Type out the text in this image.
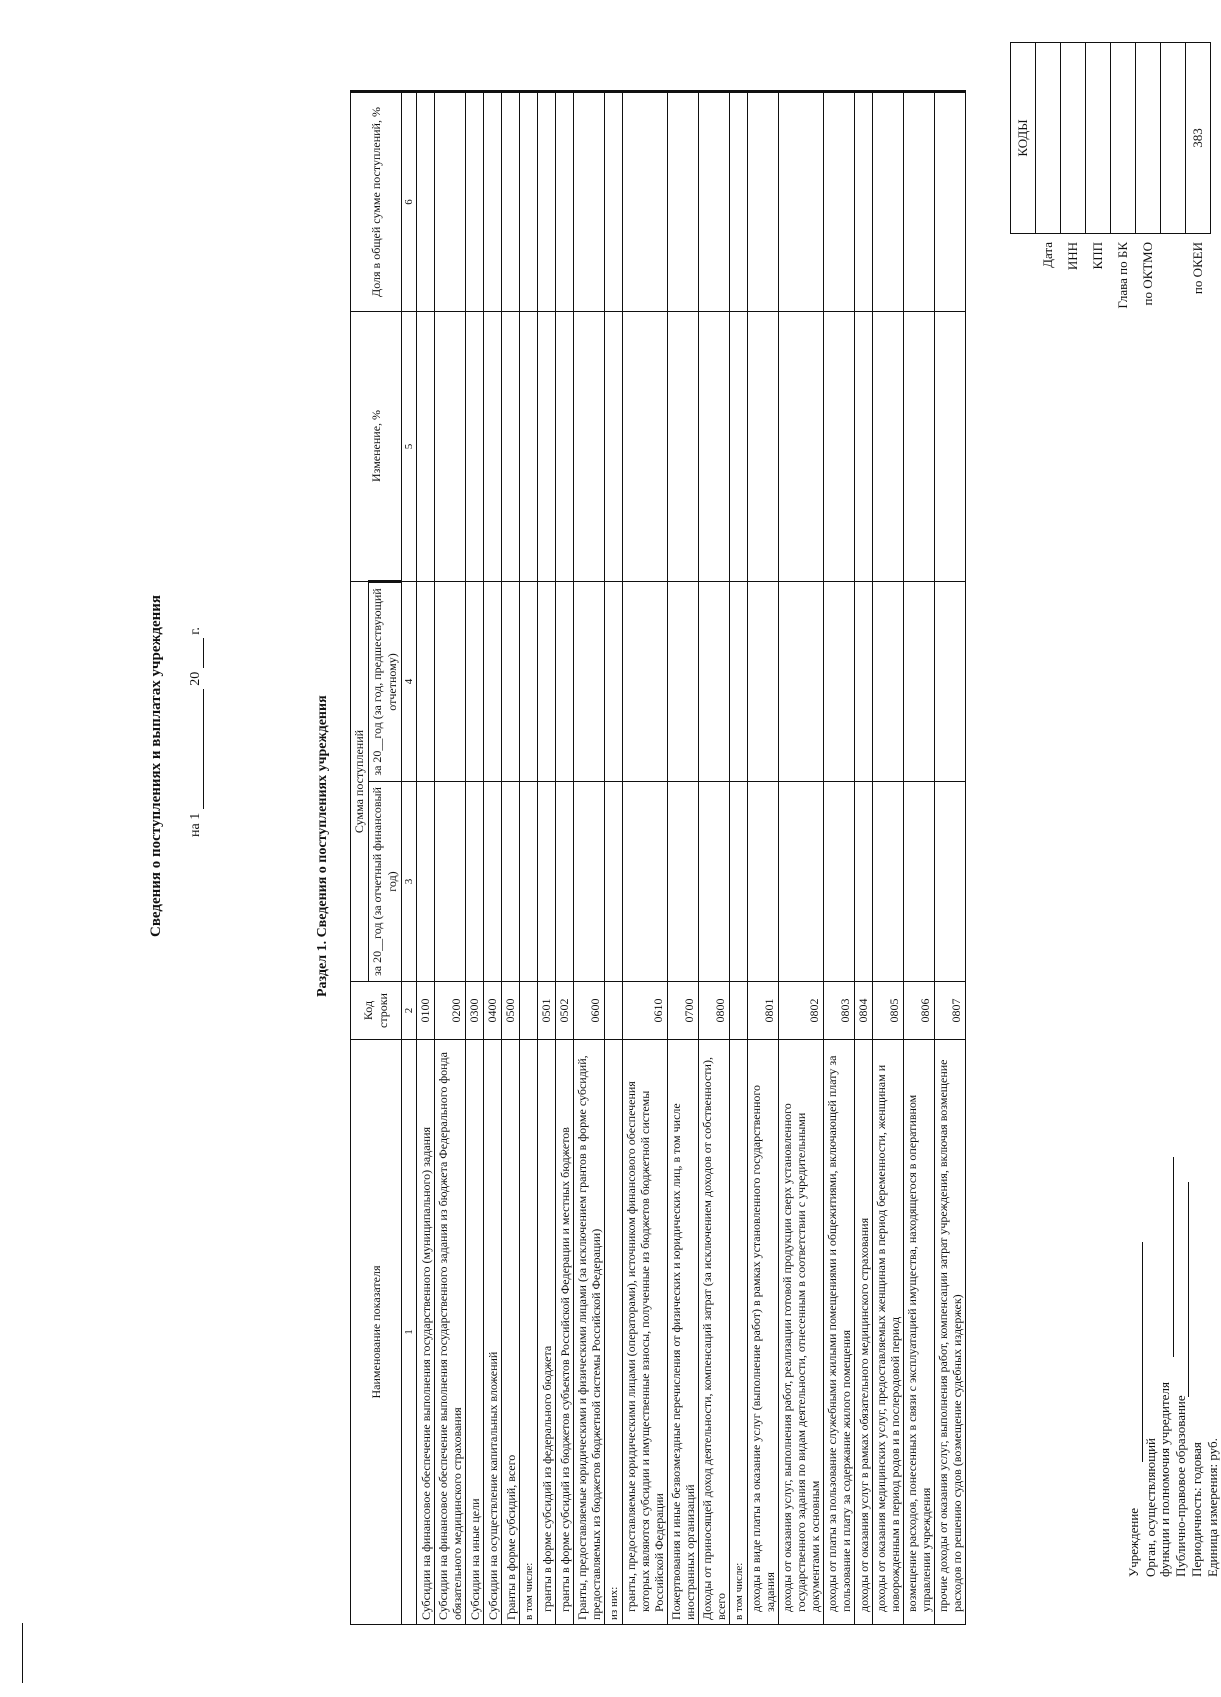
Сведения о поступлениях и выплатах учреждения на 1  20  г.
Учреждение Орган, осуществляющий функции и полномочия учредителя Публично-правовое образование Периодичность: годовая Единица измерения: руб.
Раздел 1. Сведения о поступлениях учреждения
	КОДЫ
Дата	
ИНН	
КПП	
Глава по БК	
по ОКТМО	

по ОКЕИ	383
Наименование показателя	Код строки	Сумма поступлений		Изменение, %	Доля в общей сумме поступлений, %
		за 20__год (за отчетный финансовый год)	за 20__год (за год, предшествующий отчетному)		
1	2	3	4	5	6
Субсидии на финансовое обеспечение выполнения государственного (муниципального) задания	0100				
Субсидии на финансовое обеспечение выполнения государственного задания из бюджета Федерального фонда обязательного медицинского страхования	0200				
Субсидии на иные цели	0300				
Субсидии на осуществление капитальных вложений	0400				
Гранты в форме субсидий, всего	0500				
в том числе:					
гранты в форме субсидий из федерального бюджета	0501				
гранты в форме субсидий из бюджетов субъектов Российской Федерации и местных бюджетов	0502				
Гранты, предоставляемые юридическими и физическими лицами (за исключением грантов в форме субсидий, предоставляемых из бюджетов бюджетной системы Российской Федерации)	0600				
из них:					
гранты, предоставляемые юридическими лицами (операторами), источником финансового обеспечения которых являются субсидии и имущественные взносы, полученные из бюджетов бюджетной системы Российской Федерации	0610				
Пожертвования и иные безвозмездные перечисления от физических и юридических лиц, в том числе иностранных организаций	0700				
Доходы от приносящей доход деятельности, компенсаций затрат (за исключением доходов от собственности), всего	0800				
в том числе:					
доходы в виде платы за оказание услуг (выполнение работ) в рамках установленного государственного задания	0801				
доходы от оказания услуг, выполнения работ, реализации готовой продукции сверх установленного государственного задания по видам деятельности, отнесенным в соответствии с учредительными документами к основным	0802				
доходы от платы за пользование служебными жилыми помещениями и общежитиями, включающей плату за пользование и плату за содержание жилого помещения	0803				
доходы от оказания услуг в рамках обязательного медицинского страхования	0804				
доходы от оказания медицинских услуг, предоставляемых женщинам в период беременности, женщинам и новорожденным в период родов и в послеродовой период	0805				
возмещение расходов, понесенных в связи с эксплуатацией имущества, находящегося в оперативном управлении учреждения	0806				
прочие доходы от оказания услуг, выполнения работ, компенсации затрат учреждения, включая возмещение расходов по решению судов (возмещение судебных издержек)	0807				
